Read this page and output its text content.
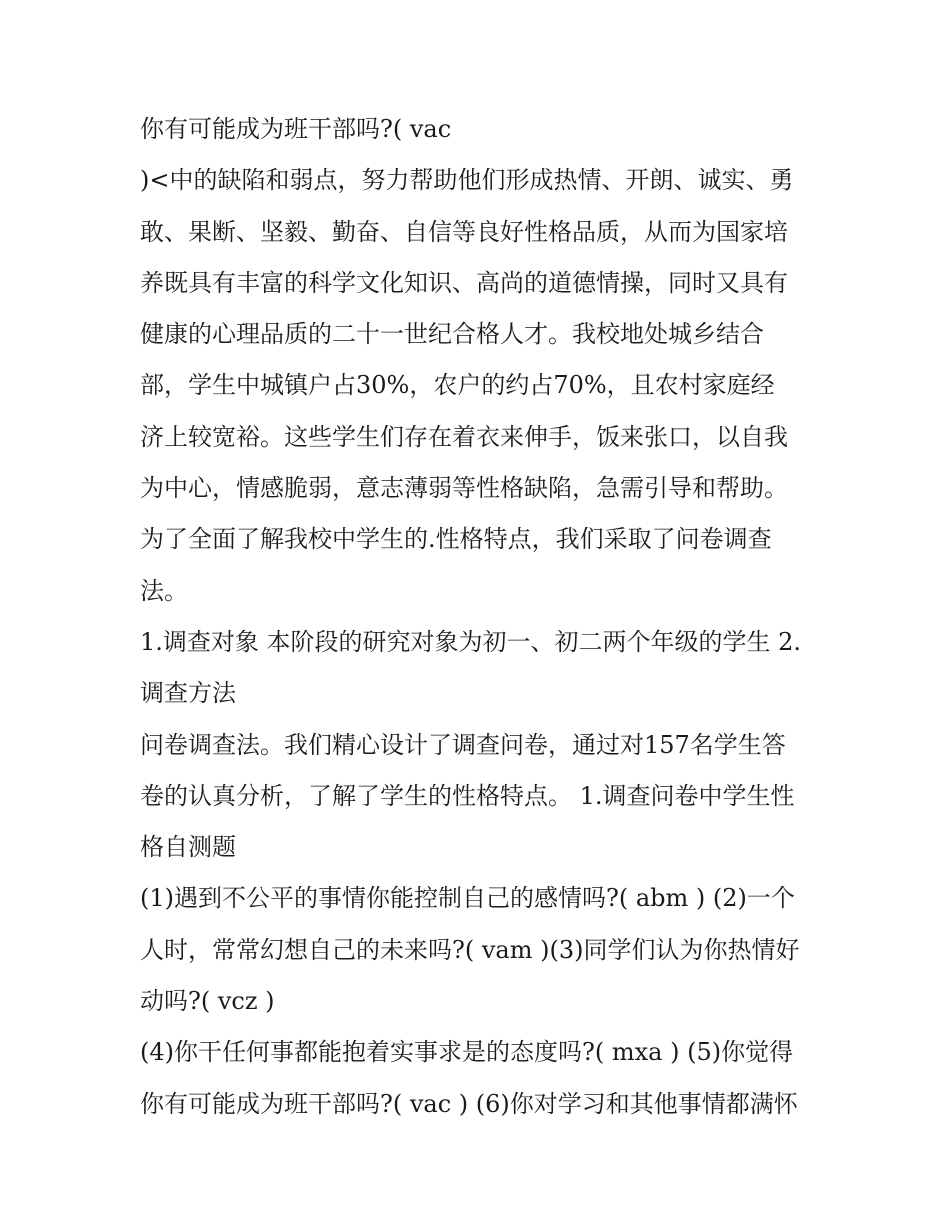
你有可能成为班干部吗?( vac
)<中的缺陷和弱点，努力帮助他们形成热情、开朗、诚实、勇
敢、果断、坚毅、勤奋、自信等良好性格品质，从而为国家培
养既具有丰富的科学文化知识、高尚的道德情操，同时又具有
健康的心理品质的二十一世纪合格人才。我校地处城乡结合
部，学生中城镇户占30%，农户的约占70%，且农村家庭经
济上较宽裕。这些学生们存在着衣来伸手，饭来张口，以自我
为中心，情感脆弱，意志薄弱等性格缺陷，急需引导和帮助。
为了全面了解我校中学生的.性格特点，我们采取了问卷调查
法。
1.调查对象 本阶段的研究对象为初一、初二两个年级的学生 2.
调查方法
问卷调查法。我们精心设计了调查问卷，通过对157名学生答
卷的认真分析，了解了学生的性格特点。 1.调查问卷中学生性
格自测题
(1)遇到不公平的事情你能控制自己的感情吗?( abm ) (2)一个
人时，常常幻想自己的未来吗?( vam )(3)同学们认为你热情好
动吗?( vcz )
(4)你干任何事都能抱着实事求是的态度吗?( mxa ) (5)你觉得
你有可能成为班干部吗?( vac ) (6)你对学习和其他事情都满怀
